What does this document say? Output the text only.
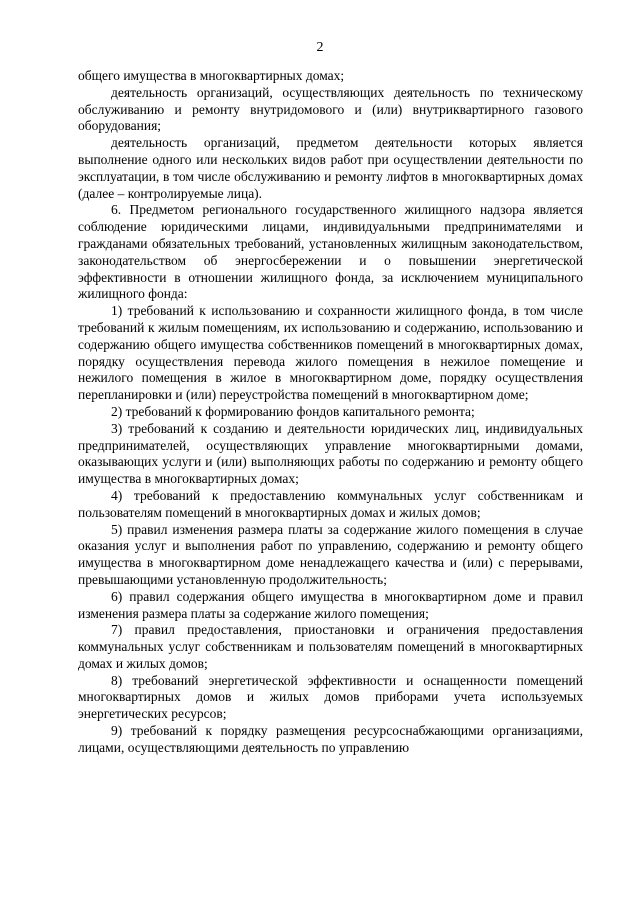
2

общего имущества в многоквартирных домах;

деятельность организаций, осуществляющих деятельность по техническому обслуживанию и ремонту внутридомового и (или) внутриквартирного газового оборудования;

деятельность организаций, предметом деятельности которых является выполнение одного или нескольких видов работ при осуществлении деятельности по эксплуатации, в том числе обслуживанию и ремонту лифтов в многоквартирных домах (далее – контролируемые лица).

6. Предметом регионального государственного жилищного надзора является соблюдение юридическими лицами, индивидуальными предпринимателями и гражданами обязательных требований, установленных жилищным законодательством, законодательством об энергосбережении и о повышении энергетической эффективности в отношении жилищного фонда, за исключением муниципального жилищного фонда:

1) требований к использованию и сохранности жилищного фонда, в том числе требований к жилым помещениям, их использованию и содержанию, использованию и содержанию общего имущества собственников помещений в многоквартирных домах, порядку осуществления перевода жилого помещения в нежилое помещение и нежилого помещения в жилое в многоквартирном доме, порядку осуществления перепланировки и (или) переустройства помещений в многоквартирном доме;

2) требований к формированию фондов капитального ремонта;

3) требований к созданию и деятельности юридических лиц, индивидуальных предпринимателей, осуществляющих управление многоквартирными домами, оказывающих услуги и (или) выполняющих работы по содержанию и ремонту общего имущества в многоквартирных домах;

4) требований к предоставлению коммунальных услуг собственникам и пользователям помещений в многоквартирных домах и жилых домов;

5) правил изменения размера платы за содержание жилого помещения в случае оказания услуг и выполнения работ по управлению, содержанию и ремонту общего имущества в многоквартирном доме ненадлежащего качества и (или) с перерывами, превышающими установленную продолжительность;

6) правил содержания общего имущества в многоквартирном доме и правил изменения размера платы за содержание жилого помещения;

7) правил предоставления, приостановки и ограничения предоставления коммунальных услуг собственникам и пользователям помещений в многоквартирных домах и жилых домов;

8) требований энергетической эффективности и оснащенности помещений многоквартирных домов и жилых домов приборами учета используемых энергетических ресурсов;

9) требований к порядку размещения ресурсоснабжающими организациями, лицами, осуществляющими деятельность по управлению
